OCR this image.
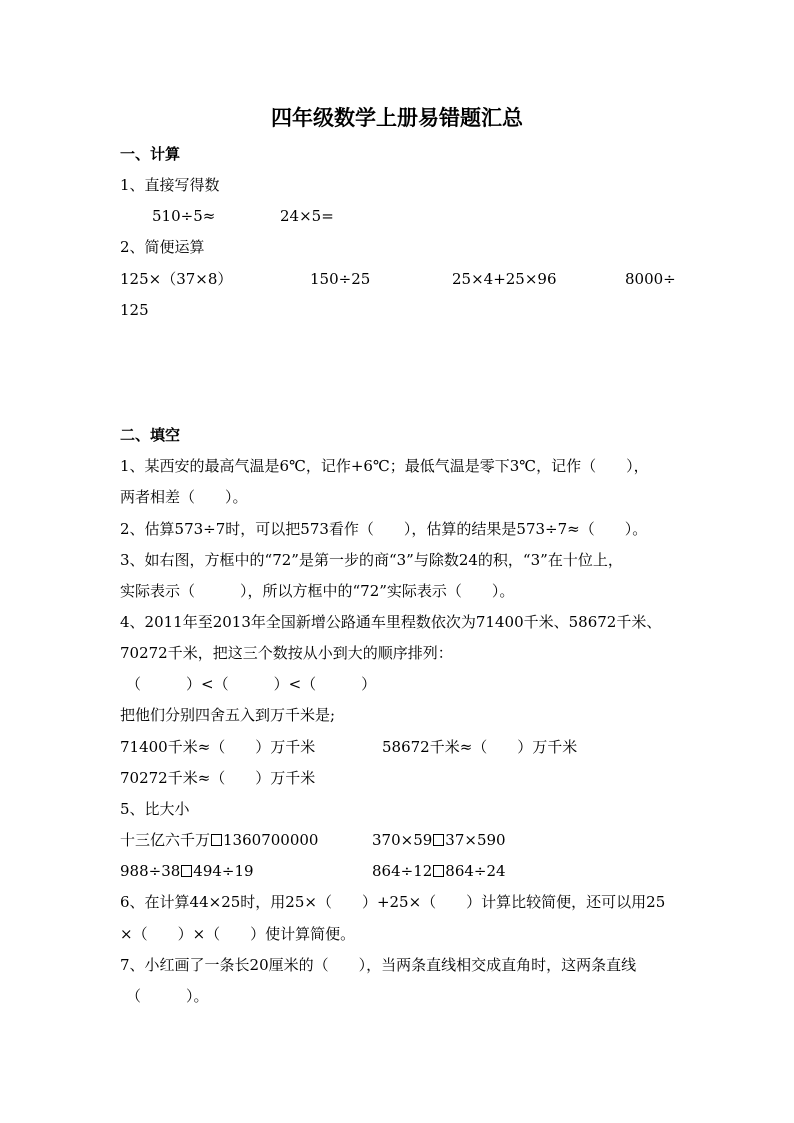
四年级数学上册易错题汇总
一、计算
1、直接写得数
510÷5≈	24×5=
2、简便运算
125×（37×8）	150÷25	25×4+25×96	8000÷
125
二、填空
1、某西安的最高气温是6℃，记作+6℃；最低气温是零下3℃，记作（　　），
两者相差（　　）。
2、估算573÷7时，可以把573看作（　　），估算的结果是573÷7≈（　　）。
3、如右图，方框中的“72”是第一步的商“3”与除数24的积，“3”在十位上，
实际表示（　　　），所以方框中的“72”实际表示（　　）。
4、2011年至2013年全国新增公路通车里程数依次为71400千米、58672千米、
70272千米，把这三个数按从小到大的顺序排列：
（　　　）<（　　　）<（　　　）
把他们分别四舍五入到万千米是;
71400千米≈（　　）万千米	58672千米≈（　　）万千米
70272千米≈（　　）万千米
5、比大小
十三亿六千万 1360700000	370×59 37×590
988÷38 494÷19	864÷12 864÷24
6、在计算44×25时，用25×（　　）+25×（　　）计算比较简便，还可以用25
×（　　）×（　　）使计算简便。
7、小红画了一条长20厘米的（　　），当两条直线相交成直角时，这两条直线
（　　　）。
